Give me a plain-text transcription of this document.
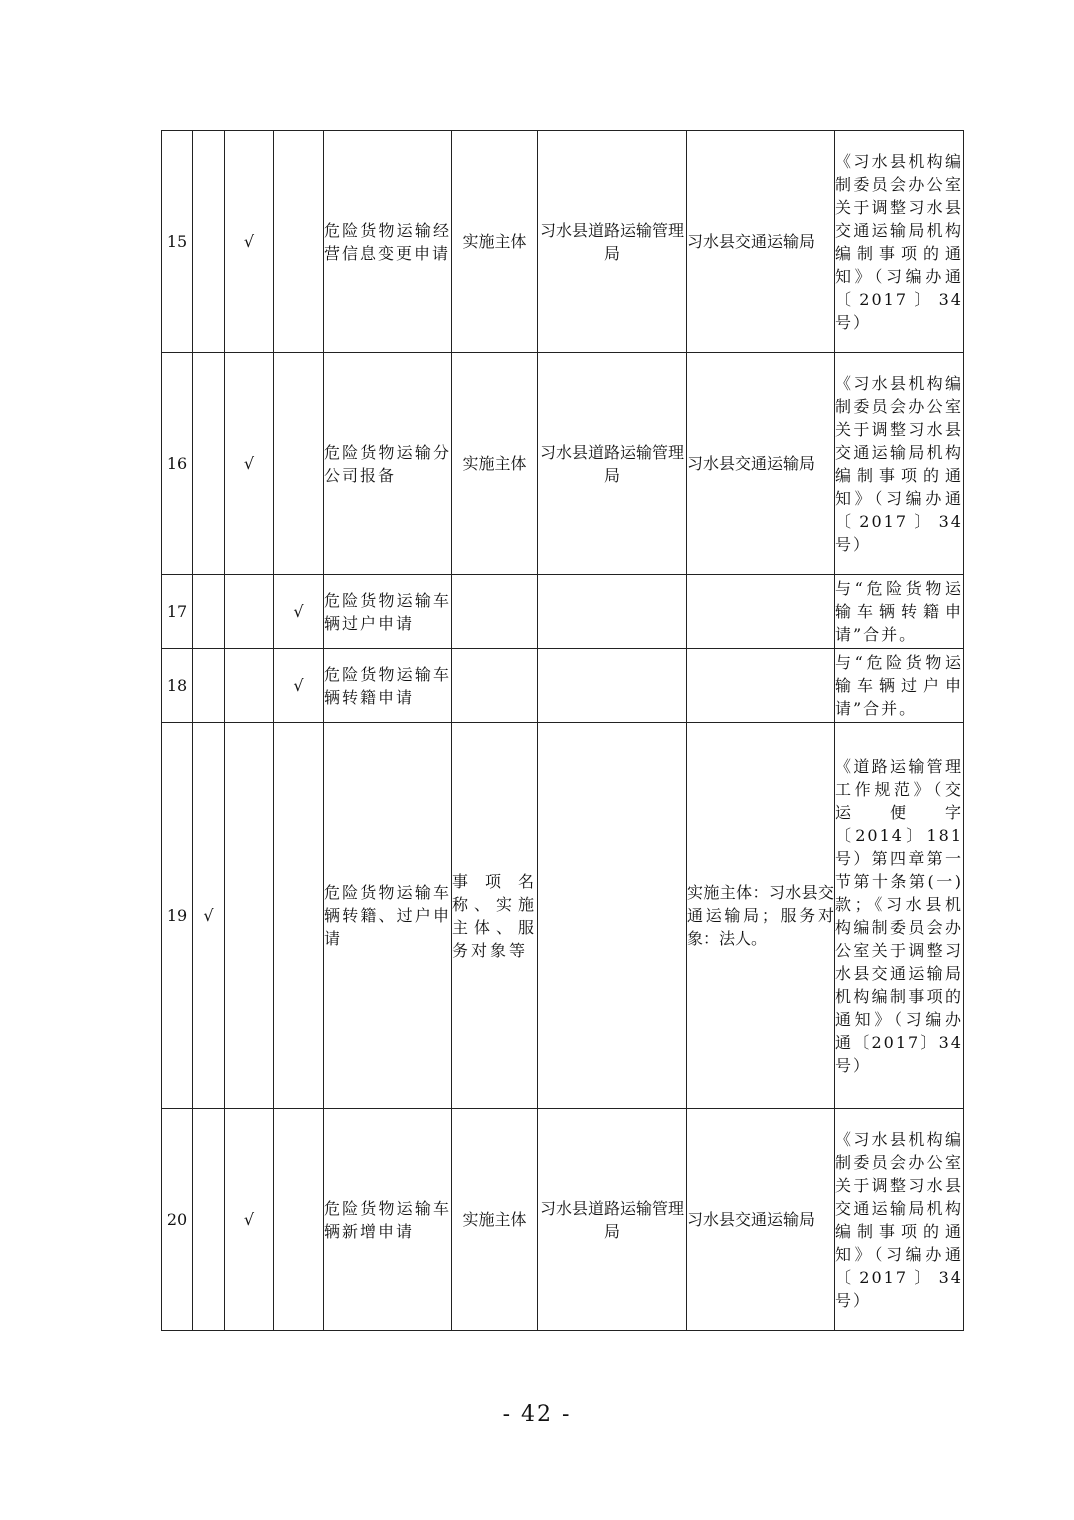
15		√		危险货物运输经营信息变更申请	实施主体	习水县道路运输管理局	习水县交通运输局	《习水县机构编制委员会办公室关于调整习水县交通运输局机构编制事项的通知》（习编办通〔2017〕34号）
16		√		危险货物运输分公司报备	实施主体	习水县道路运输管理局	习水县交通运输局	《习水县机构编制委员会办公室关于调整习水县交通运输局机构编制事项的通知》（习编办通〔2017〕34号）
17			√	危险货物运输车辆过户申请				与“危险货物运输车辆转籍申请”合并。
18			√	危险货物运输车辆转籍申请				与“危险货物运输车辆过户申请”合并。
19	√			危险货物运输车辆转籍、过户申请	事项名称、实施主体、服务对象等		实施主体：习水县交通运输局；服务对象：法人。	《道路运输管理工作规范》（交运便字〔2014〕181号）第四章第一节第十条第(一)款；《习水县机构编制委员会办公室关于调整习水县交通运输局机构编制事项的通知》（习编办通〔2017〕34号）
20		√		危险货物运输车辆新增申请	实施主体	习水县道路运输管理局	习水县交通运输局	《习水县机构编制委员会办公室关于调整习水县交通运输局机构编制事项的通知》（习编办通〔2017〕34号）
- 42 -
